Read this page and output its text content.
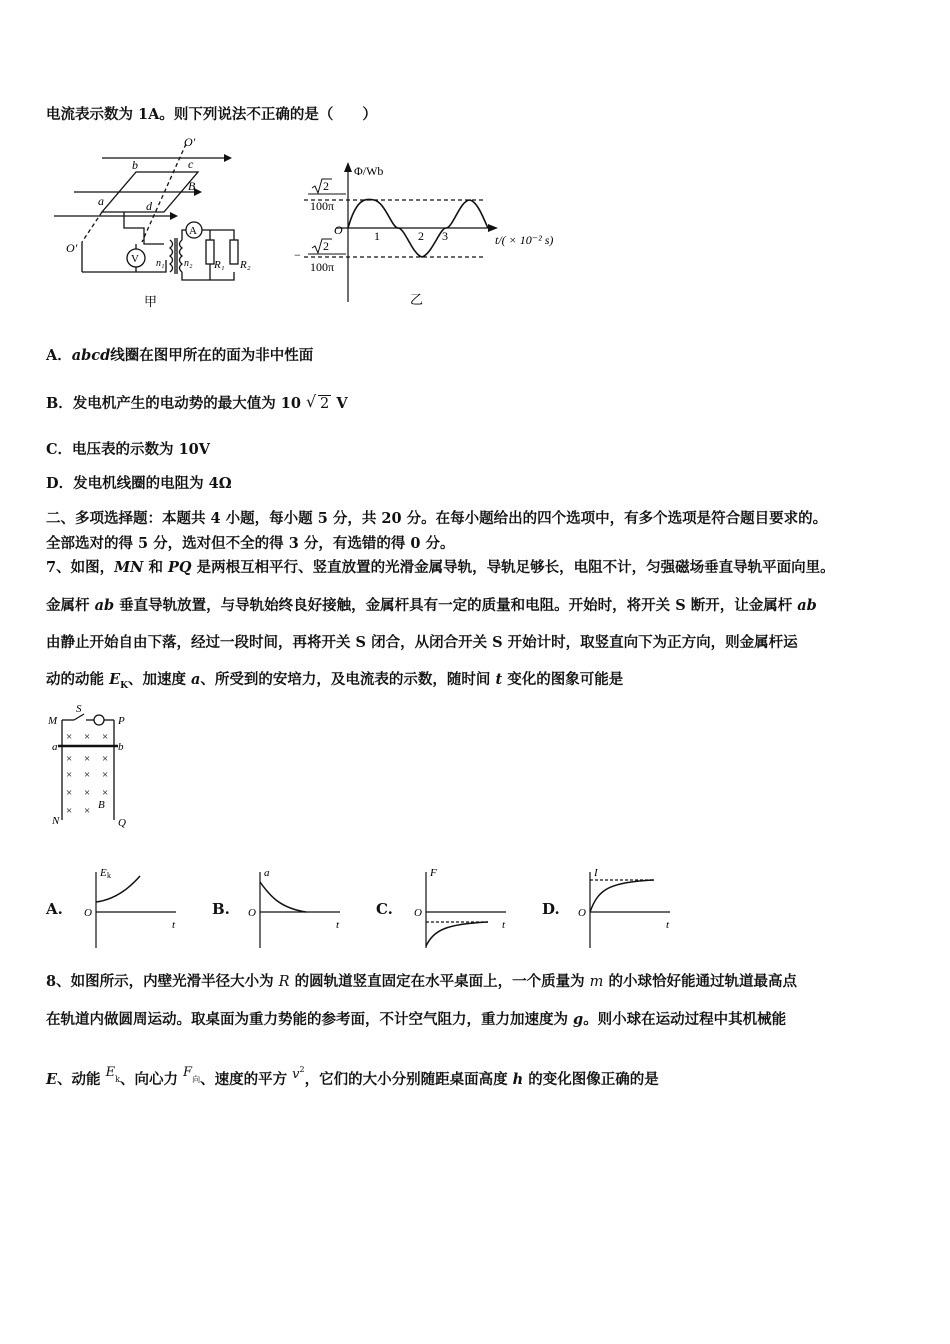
电流表示数为 1A。则下列说法不正确的是（　　）
O′
b	c
B
a	d
O′
V
A
n₁ n₂ R₁ R₂
甲
Φ/Wb
O	1	2 3	t/( × 10⁻² s)
2
100π
−
2
100π
乙
A．abcd线圈在图甲所在的面为非中性面
B．发电机产生的电动势的最大值为 10 √ 2 V
C．电压表的示数为 10V
D．发电机线圈的电阻为 4Ω
二、多项选择题：本题共 4 小题，每小题 5 分，共 20 分。在每小题给出的四个选项中，有多个选项是符合题目要求的。
全部选对的得 5 分，选对但不全的得 3 分，有选错的得 0 分。
7、如图，MN 和 PQ 是两根互相平行、竖直放置的光滑金属导轨，导轨足够长，电阻不计，匀强磁场垂直导轨平面向里。
金属杆 ab 垂直导轨放置，与导轨始终良好接触，金属杆具有一定的质量和电阻。开始时，将开关 S 断开，让金属杆 ab
由静止开始自由下落，经过一段时间，再将开关 S 闭合，从闭合开关 S 开始计时，取竖直向下为正方向，则金属杆运
动的动能 $E_K$、加速度 a、所受到的安培力，及电流表的示数，随时间 t 变化的图象可能是
M
S
P
a	b
N
B
Q
× × ×
× × ×
× × ×
× × ×
× ×
A.
E k
O
t
B.
a
O
t
C.
F
O
t
D.
I
O
t
8、如图所示，内壁光滑半径大小为 R 的圆轨道竖直固定在水平桌面上，一个质量为 m 的小球恰好能通过轨道最高点
在轨道内做圆周运动。取桌面为重力势能的参考面，不计空气阻力，重力加速度为 g。则小球在运动过程中其机械能
E、动能 $E_k$、向心力 $F_向$、速度的平方 $v^2$，它们的大小分别随距桌面高度 h 的变化图像正确的是
